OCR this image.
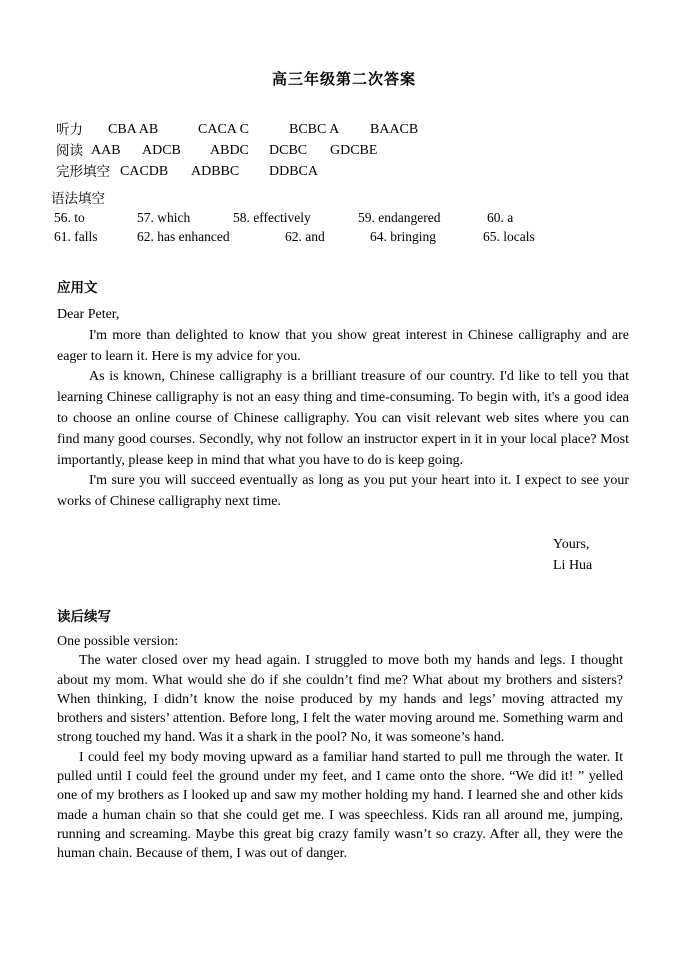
高三年级第二次答案
听力 CBA AB	CACA C	BCBC A BAACB
阅读 AAB ADCB ABDC DCBC GDCBE
完形填空 CACDB ADBBC DDBCA
语法填空
56. to	57. which	58. effectively	59. endangered	60. a
61. falls	62. has enhanced	62. and	64. bringing	65. locals
应用文

Dear Peter,

I'm more than delighted to know that you show great interest in Chinese calligraphy and are eager to learn it. Here is my advice for you.

As is known, Chinese calligraphy is a brilliant treasure of our country. I'd like to tell you that learning Chinese calligraphy is not an easy thing and time-consuming. To begin with, it's a good idea to choose an online course of Chinese calligraphy. You can visit relevant web sites where you can find many good courses. Secondly, why not follow an instructor expert in it in your local place? Most importantly, please keep in mind that what you have to do is keep going.

I'm sure you will succeed eventually as long as you put your heart into it. I expect to see your works of Chinese calligraphy next time.

Yours,
Li Hua
读后续写

One possible version:

The water closed over my head again. I struggled to move both my hands and legs. I thought about my mom. What would she do if she couldn’t find me? What about my brothers and sisters? When thinking, I didn’t know the noise produced by my hands and legs’ moving attracted my brothers and sisters’ attention. Before long, I felt the water moving around me. Something warm and strong touched my hand. Was it a shark in the pool? No, it was someone’s hand.

I could feel my body moving upward as a familiar hand started to pull me through the water. It pulled until I could feel the ground under my feet, and I came onto the shore. “We did it! ” yelled one of my brothers as I looked up and saw my mother holding my hand. I learned she and other kids made a human chain so that she could get me. I was speechless. Kids ran all around me, jumping, running and screaming. Maybe this great big crazy family wasn’t so crazy. After all, they were the human chain. Because of them, I was out of danger.
